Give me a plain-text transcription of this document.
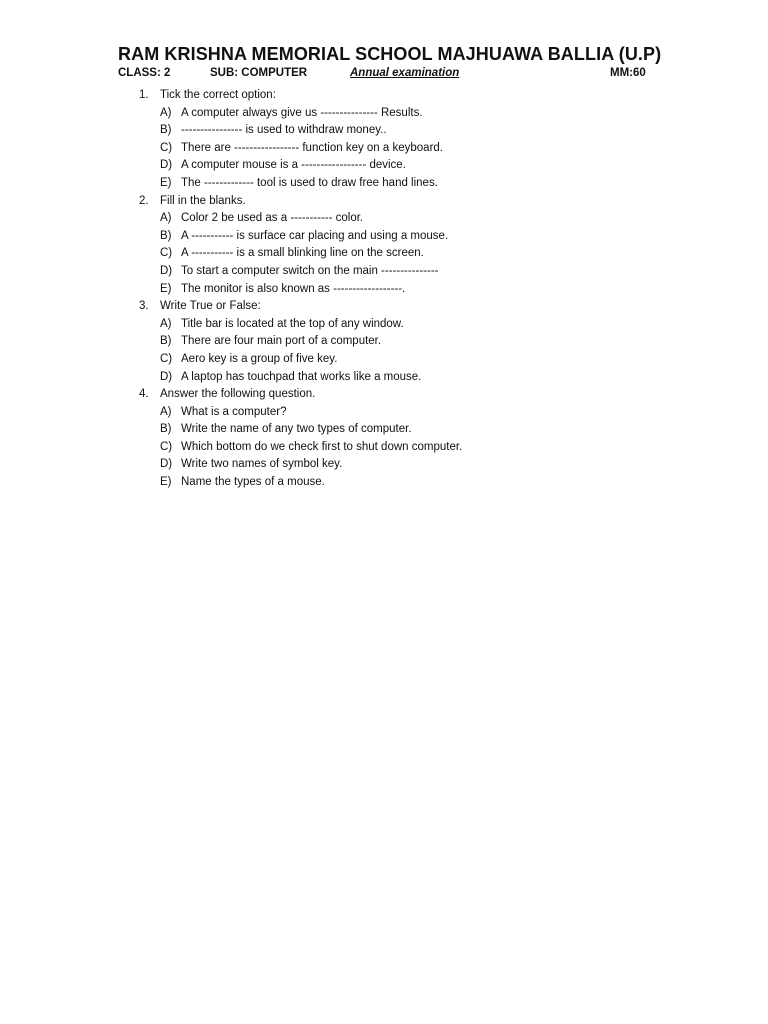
RAM KRISHNA MEMORIAL SCHOOL MAJHUAWA BALLIA (U.P)
CLASS: 2	SUB: COMPUTER	Annual examination	MM:60
1. Tick the correct option:
A) A computer always give us --------------- Results.
B) ---------------- is used to withdraw money..
C) There are ----------------- function key on a keyboard.
D) A computer mouse is a ----------------- device.
E) The ------------- tool is used to draw free hand lines.
2. Fill in the blanks.
A) Color 2 be used as a ----------- color.
B) A ----------- is surface car placing and using a mouse.
C) A ----------- is a small blinking line on the screen.
D) To start a computer switch on the main ---------------
E) The monitor is also known as ------------------.
3. Write True or False:
A) Title bar is located at the top of any window.
B) There are four main port of a computer.
C) Aero key is a group of five key.
D) A laptop has touchpad that works like a mouse.
4. Answer the following question.
A) What is a computer?
B) Write the name of any two types of computer.
C) Which bottom do we check first to shut down computer.
D) Write two names of symbol key.
E) Name the types of a mouse.
